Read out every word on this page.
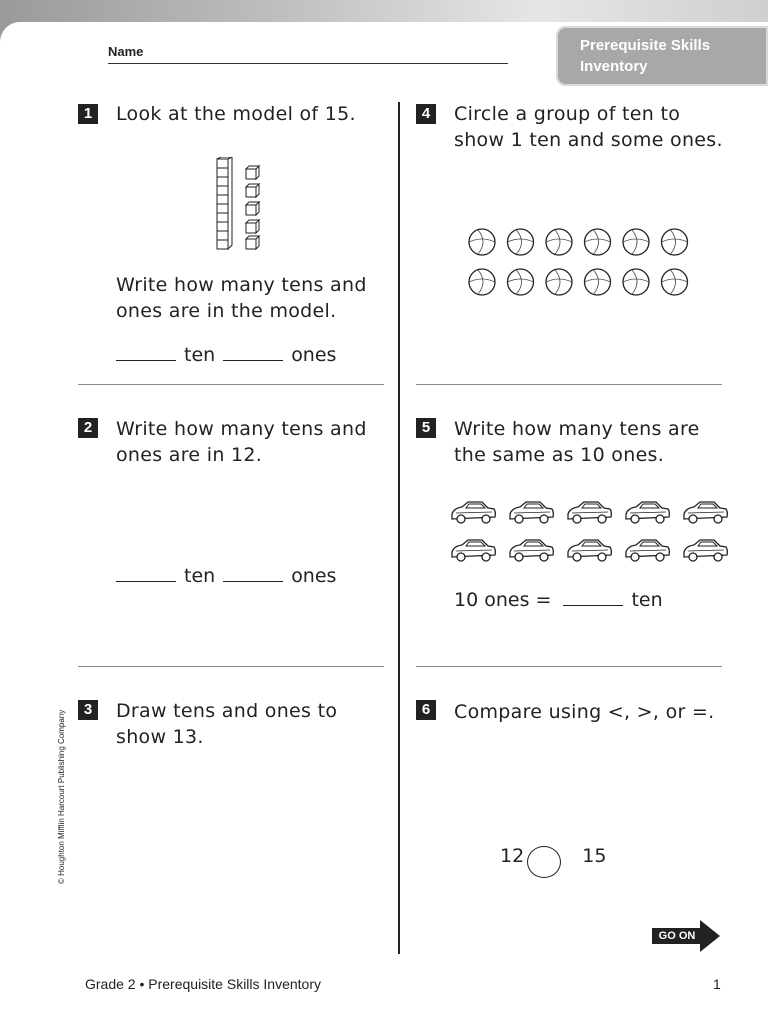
Name	Prerequisite Skills
Inventory
1	Look at the model of 15.
Write how many tens and
ones are in the model.
ten	ones
2	Write how many tens and
ones are in 12.
ten	ones
3	Draw tens and ones to
show 13.
4	Circle a group of ten to
show 1 ten and some ones.
5	Write how many tens are
the same as 10 ones.
10 ones =	ten
6	Compare using <, >, or =.
12	15
GO ON
© Houghton Mifflin Harcourt Publishing Company
Grade 2 • Prerequisite Skills Inventory	1
